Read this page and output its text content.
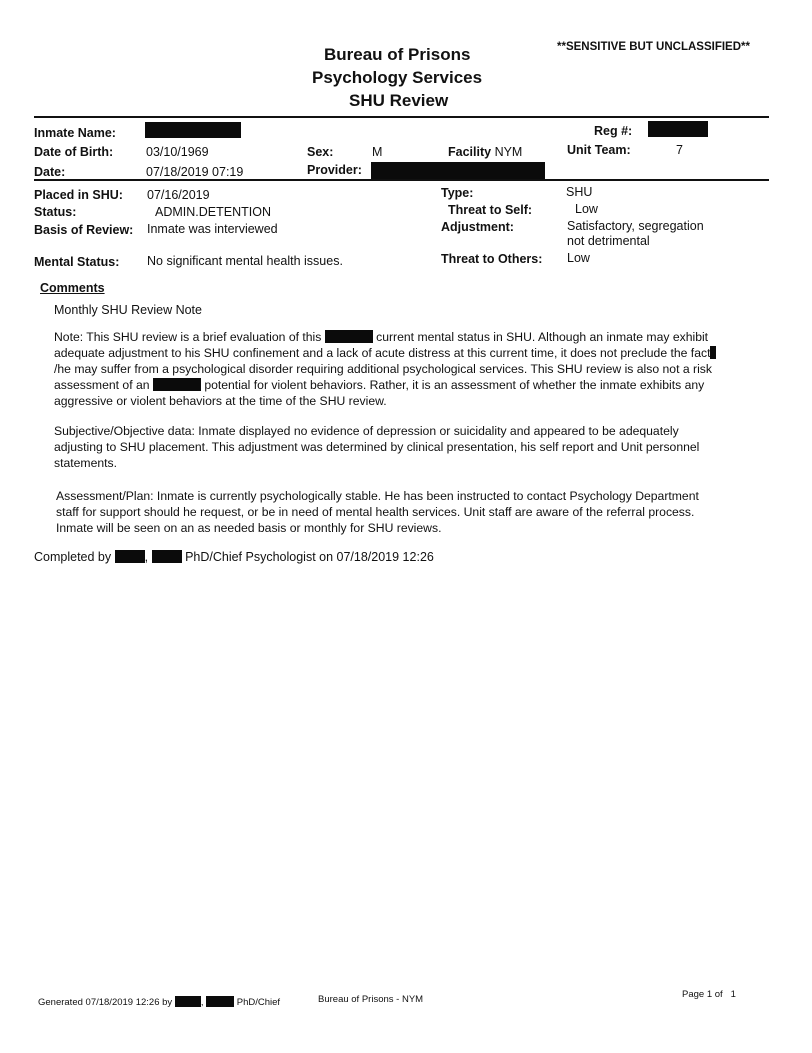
Bureau of Prisons
Psychology Services
SHU Review
**SENSITIVE BUT UNCLASSIFIED**
Inmate Name:	Reg #:
Date of Birth:	03/10/1969	Sex:	M	Facility NYM	Unit Team:	7
Date:	07/18/2019 07:19	Provider:
Placed in SHU: 07/16/2019
Status:	ADMIN.DETENTION
Basis of Review: Inmate was interviewed
Mental Status: No significant mental health issues.
Type:	SHU
Threat to Self:	Low
Adjustment:	Satisfactory, segregation
not detrimental
Threat to Others: Low
Comments
Monthly SHU Review Note
Note: This SHU review is a brief evaluation of this	current mental status in SHU. Although an inmate may exhibit adequate adjustment to his SHU confinement and a lack of acute distress at this current time, it does not preclude the fact/he may suffer from a psychological disorder requiring additional psychological services. This SHU review is also not a risk assessment of an	potential for violent behaviors. Rather, it is an assessment of whether the inmate exhibits any aggressive or violent behaviors at the time of the SHU review.
Subjective/Objective data: Inmate displayed no evidence of depression or suicidality and appeared to be adequately adjusting to SHU placement. This adjustment was determined by clinical presentation, his self report and Unit personnel statements.
Assessment/Plan: Inmate is currently psychologically stable. He has been instructed to contact Psychology Department staff for support should he request, or be in need of mental health services. Unit staff are aware of the referral process. Inmate will be seen on an as needed basis or monthly for SHU reviews.
Completed by	,	PhD/Chief Psychologist on 07/18/2019 12:26
Generated 07/18/2019 12:26 by	,	PhD/Chief	Bureau of Prisons - NYM	Page 1 of 1
